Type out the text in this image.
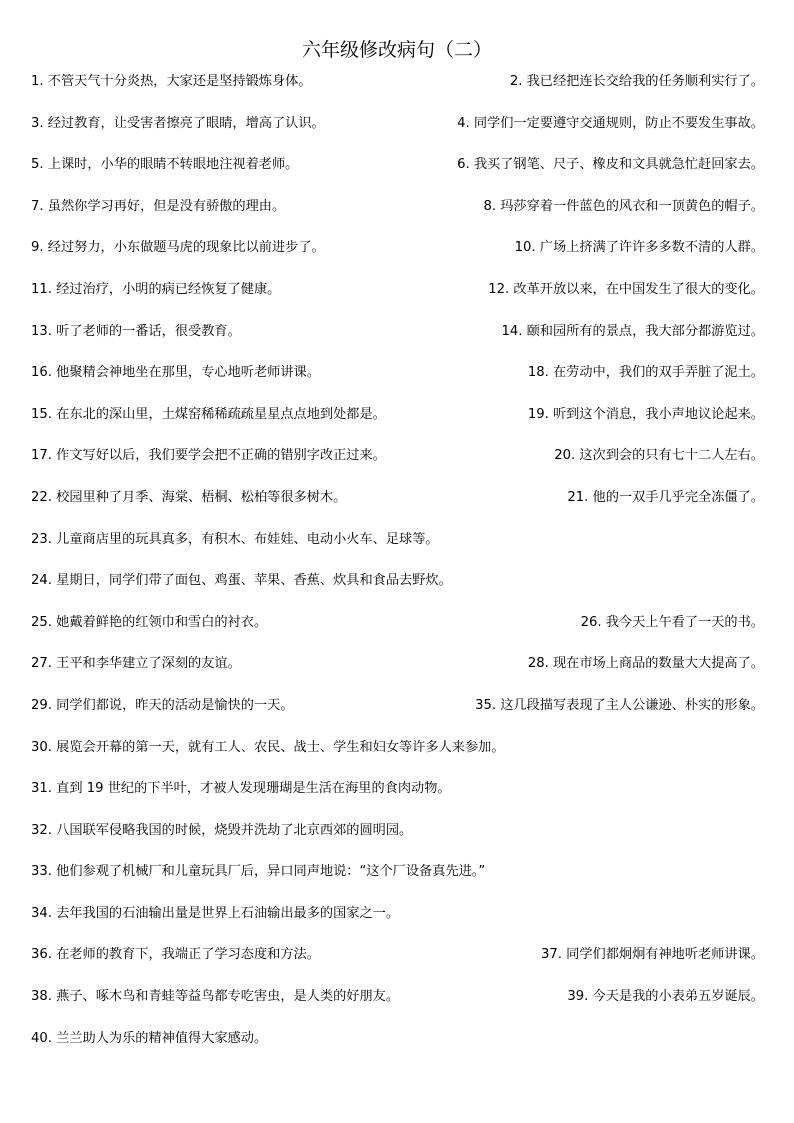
六年级修改病句（二）
1. 不管天气十分炎热，大家还是坚持锻炼身体。	2. 我已经把连长交给我的任务顺利实行了。
3. 经过教育，让受害者擦亮了眼睛，增高了认识。	4. 同学们一定要遵守交通规则，防止不要发生事故。
5. 上课时，小华的眼睛不转眼地注视着老师。	6. 我买了钢笔、尺子、橡皮和文具就急忙赶回家去。
7. 虽然你学习再好，但是没有骄傲的理由。	8. 玛莎穿着一件蓝色的风衣和一顶黄色的帽子。
9. 经过努力，小东做题马虎的现象比以前进步了。	10. 广场上挤满了许许多多数不清的人群。
11. 经过治疗，小明的病已经恢复了健康。	12. 改革开放以来，在中国发生了很大的变化。
13. 听了老师的一番话，很受教育。	14. 颐和园所有的景点，我大部分都游览过。
16. 他聚精会神地坐在那里，专心地听老师讲课。	18. 在劳动中，我们的双手弄脏了泥土。
15. 在东北的深山里，土煤窑稀稀疏疏星星点点地到处都是。	19. 听到这个消息，我小声地议论起来。
17. 作文写好以后，我们要学会把不正确的错别字改正过来。	20. 这次到会的只有七十二人左右。
22. 校园里种了月季、海棠、梧桐、松柏等很多树木。	21. 他的一双手几乎完全冻僵了。
23. 儿童商店里的玩具真多，有积木、布娃娃、电动小火车、足球等。
24. 星期日，同学们带了面包、鸡蛋、苹果、香蕉、炊具和食品去野炊。
25. 她戴着鲜艳的红领巾和雪白的衬衣。	26. 我今天上午看了一天的书。
27. 王平和李华建立了深刻的友谊。	28. 现在市场上商品的数量大大提高了。
29. 同学们都说，昨天的活动是愉快的一天。	35. 这几段描写表现了主人公谦逊、朴实的形象。
30. 展览会开幕的第一天，就有工人、农民、战士、学生和妇女等许多人来参加。
31. 直到 19 世纪的下半叶，才被人发现珊瑚是生活在海里的食肉动物。
32. 八国联军侵略我国的时候，烧毁并洗劫了北京西郊的圆明园。
33. 他们参观了机械厂和儿童玩具厂后，异口同声地说：“这个厂设备真先进。”
34. 去年我国的石油输出量是世界上石油输出最多的国家之一。
36. 在老师的教育下，我端正了学习态度和方法。	37. 同学们都炯炯有神地听老师讲课。
38. 燕子、啄木鸟和青蛙等益鸟都专吃害虫，是人类的好朋友。	39. 今天是我的小表弟五岁诞辰。
40. 兰兰助人为乐的精神值得大家感动。
